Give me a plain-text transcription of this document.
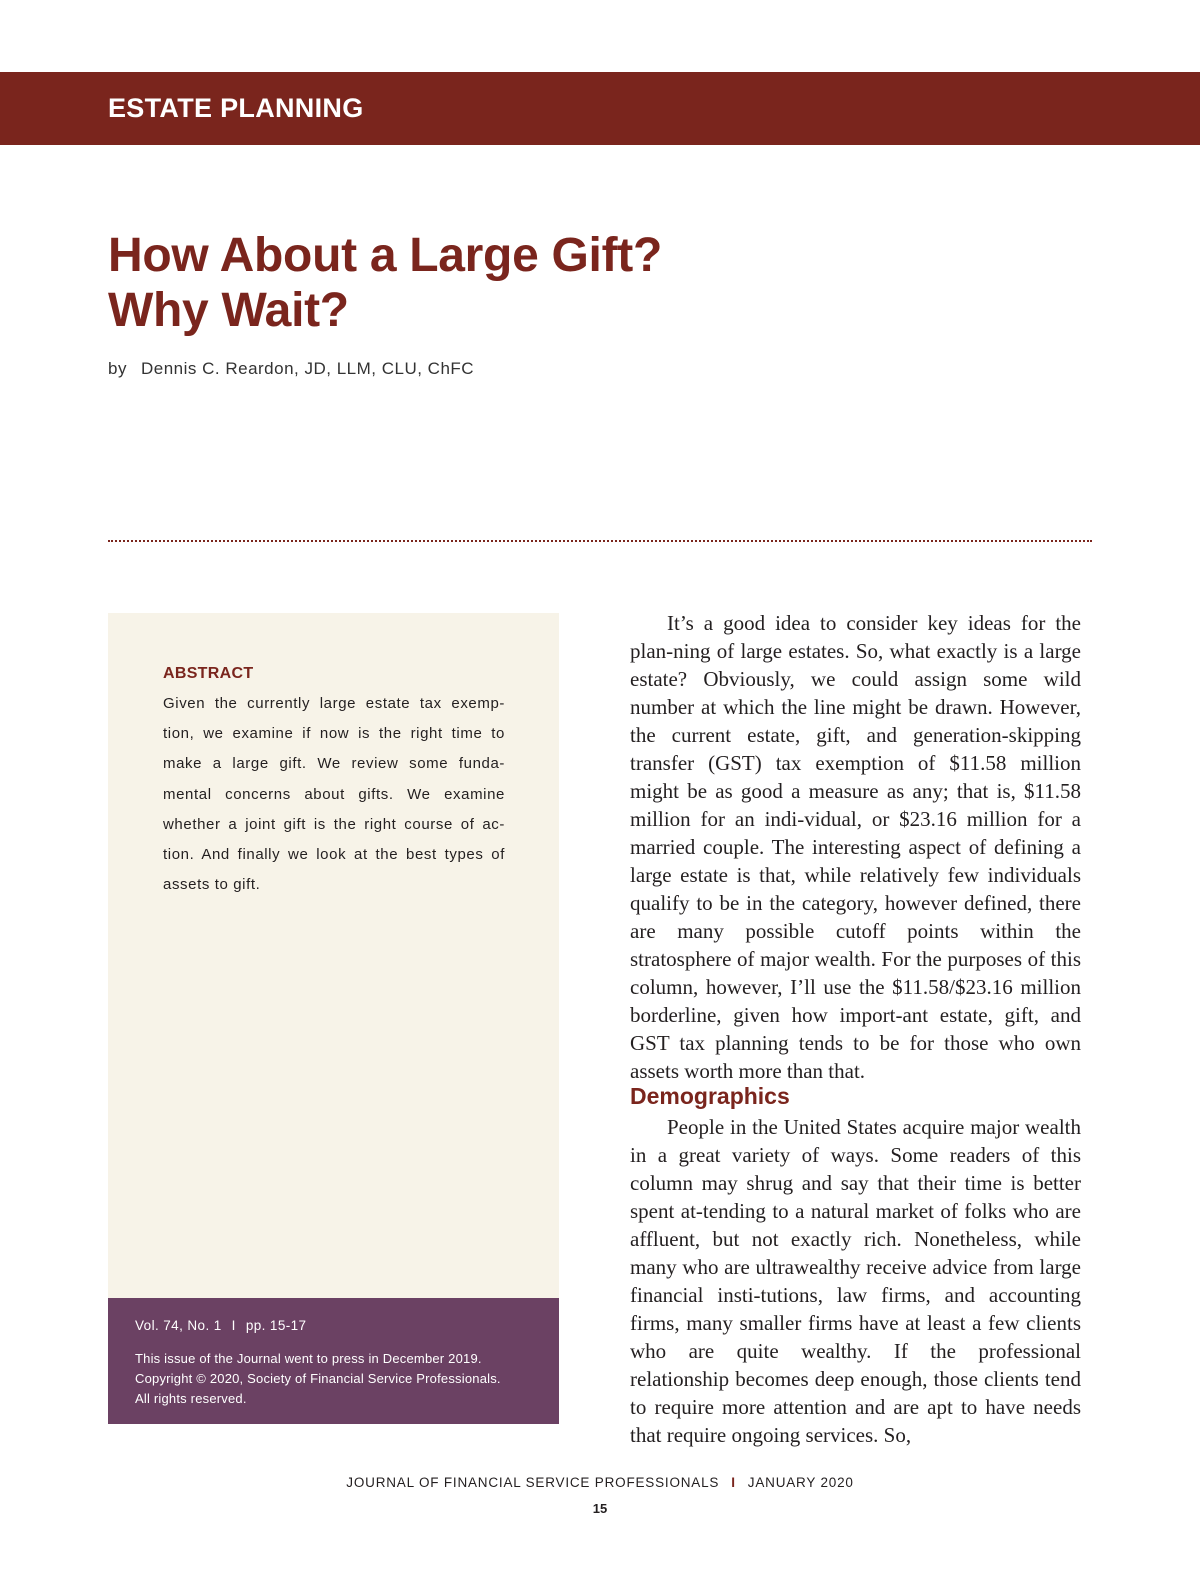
ESTATE PLANNING
How About a Large Gift?
Why Wait?
by Dennis C. Reardon, JD, LLM, CLU, ChFC
ABSTRACT

Given the currently large estate tax exemp-tion, we examine if now is the right time to make a large gift. We review some funda-mental concerns about gifts. We examine whether a joint gift is the right course of ac-tion. And finally we look at the best types of assets to gift.

Vol. 74, No. 1 I pp. 15-17

This issue of the Journal went to press in December 2019.
Copyright © 2020, Society of Financial Service Professionals.
All rights reserved.

It’s a good idea to consider key ideas for the plan-ning of large estates. So, what exactly is a large estate? Obviously, we could assign some wild number at which the line might be drawn. However, the current estate, gift, and generation-skipping transfer (GST) tax exemption of $11.58 million might be as good a measure as any; that is, $11.58 million for an indi-vidual, or $23.16 million for a married couple. The interesting aspect of defining a large estate is that, while relatively few individuals qualify to be in the category, however defined, there are many possible cutoff points within the stratosphere of major wealth. For the purposes of this column, however, I’ll use the $11.58/$23.16 million borderline, given how import-ant estate, gift, and GST tax planning tends to be for those who own assets worth more than that.

Demographics

People in the United States acquire major wealth in a great variety of ways. Some readers of this column may shrug and say that their time is better spent at-tending to a natural market of folks who are affluent, but not exactly rich. Nonetheless, while many who are ultrawealthy receive advice from large financial insti-tutions, law firms, and accounting firms, many smaller firms have at least a few clients who are quite wealthy. If the professional relationship becomes deep enough, those clients tend to require more attention and are apt to have needs that require ongoing services. So,

JOURNAL OF FINANCIAL SERVICE PROFESSIONALS I JANUARY 2020
15
